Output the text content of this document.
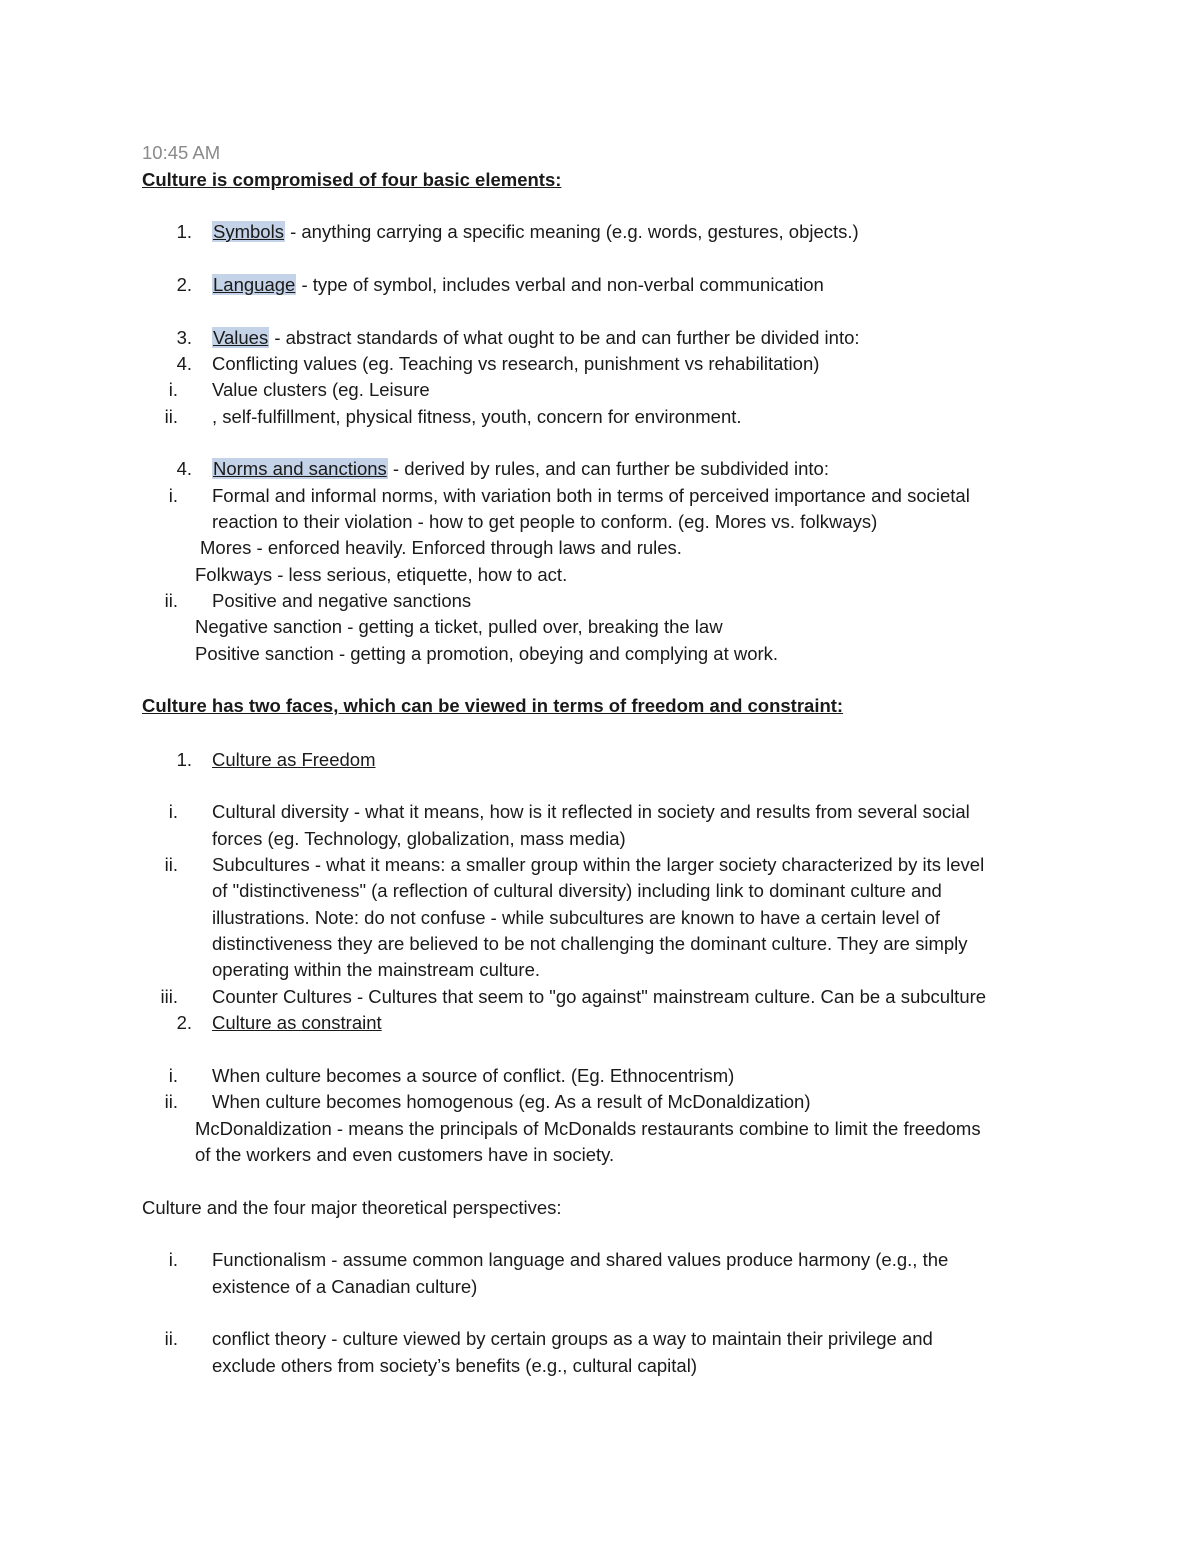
10:45 AM
Culture is compromised of four basic elements:
1. Symbols - anything carrying a specific meaning (e.g. words, gestures, objects.)
2. Language - type of symbol, includes verbal and non-verbal communication
3. Values - abstract standards of what ought to be and can further be divided into:
4. Conflicting values (eg. Teaching vs research, punishment vs rehabilitation)
i. Value clusters (eg. Leisure
ii. , self-fulfillment, physical fitness, youth, concern for environment.
4. Norms and sanctions - derived by rules, and can further be subdivided into:
i. Formal and informal norms, with variation both in terms of perceived importance and societal
reaction to their violation - how to get people to conform. (eg. Mores vs. folkways)
Mores - enforced heavily. Enforced through laws and rules.
Folkways - less serious, etiquette, how to act.
ii. Positive and negative sanctions
Negative sanction - getting a ticket, pulled over, breaking the law
Positive sanction - getting a promotion, obeying and complying at work.
Culture has two faces, which can be viewed in terms of freedom and constraint:
1. Culture as Freedom
i. Cultural diversity - what it means, how is it reflected in society and results from several social
forces (eg. Technology, globalization, mass media)
ii. Subcultures - what it means: a smaller group within the larger society characterized by its level
of "distinctiveness" (a reflection of cultural diversity) including link to dominant culture and
illustrations. Note: do not confuse - while subcultures are known to have a certain level of
distinctiveness they are believed to be not challenging the dominant culture. They are simply
operating within the mainstream culture.
iii. Counter Cultures - Cultures that seem to "go against" mainstream culture. Can be a subculture
2. Culture as constraint
i. When culture becomes a source of conflict. (Eg. Ethnocentrism)
ii. When culture becomes homogenous (eg. As a result of McDonaldization)
McDonaldization - means the principals of McDonalds restaurants combine to limit the freedoms
of the workers and even customers have in society.
Culture and the four major theoretical perspectives:
i. Functionalism - assume common language and shared values produce harmony (e.g., the
existence of a Canadian culture)
ii. conflict theory - culture viewed by certain groups as a way to maintain their privilege and
exclude others from society’s benefits (e.g., cultural capital)
